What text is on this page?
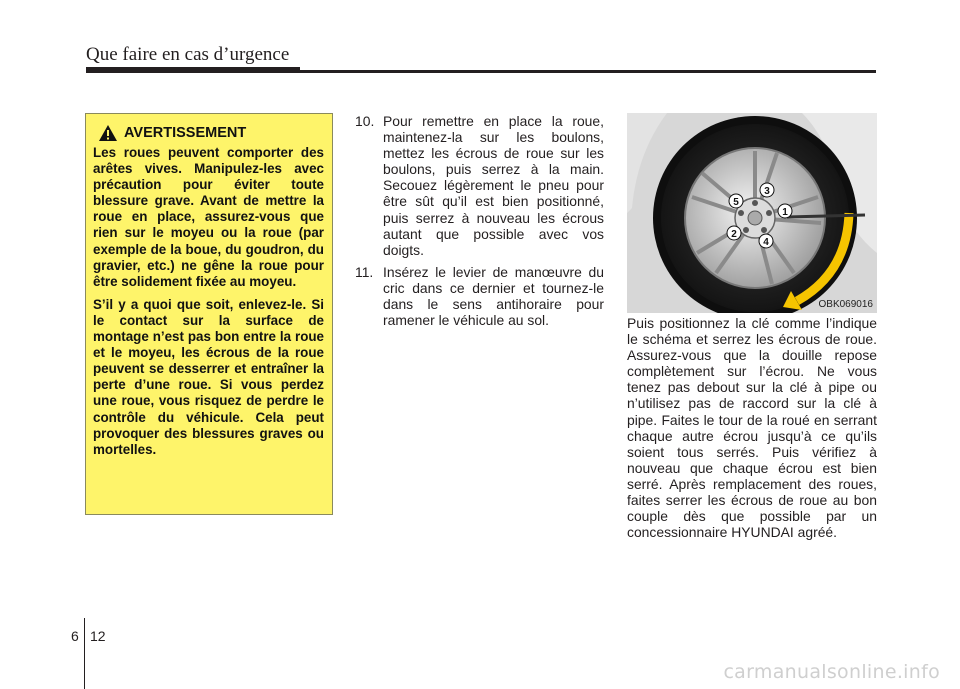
Que faire en cas d’urgence
AVERTISSEMENT

Les roues peuvent comporter des arêtes vives. Manipulez-les avec précaution pour éviter toute blessure grave. Avant de mettre la roue en place, assurez-vous que rien sur le moyeu ou la roue (par exemple de la boue, du goudron, du gravier, etc.) ne gêne la roue pour être solidement fixée au moyeu.

S’il y a quoi que soit, enlevez-le. Si le contact sur la surface de montage n’est pas bon entre la roue et le moyeu, les écrous de la roue peuvent se desserrer et entraîner la perte d’une roue. Si vous perdez une roue, vous risquez de perdre le contrôle du véhicule. Cela peut provoquer des blessures graves ou mortelles.

10. Pour remettre en place la roue, maintenez-la sur les boulons, mettez les écrous de roue sur les boulons, puis serrez à la main. Secouez légèrement le pneu pour être sût qu’il est bien positionné, puis serrez à nouveau les écrous autant que possible avec vos doigts.
11. Insérez le levier de manœuvre du cric dans ce dernier et tournez-le dans le sens antihoraire pour ramener le véhicule au sol.
1
2
3
4
5
OBK069016
Puis positionnez la clé comme l’indique le schéma et serrez les écrous de roue. Assurez-vous que la douille repose complètement sur l’écrou. Ne vous tenez pas debout sur la clé à pipe ou n’utilisez pas de raccord sur la clé à pipe. Faites le tour de la roué en serrant chaque autre écrou jusqu’à ce qu’ils soient tous serrés. Puis vérifiez à nouveau que chaque écrou est bien serré. Après remplacement des roues, faites serrer les écrous de roue au bon couple dès que possible par un concessionnaire HYUNDAI agréé.
6 12
carmanualsonline.info
